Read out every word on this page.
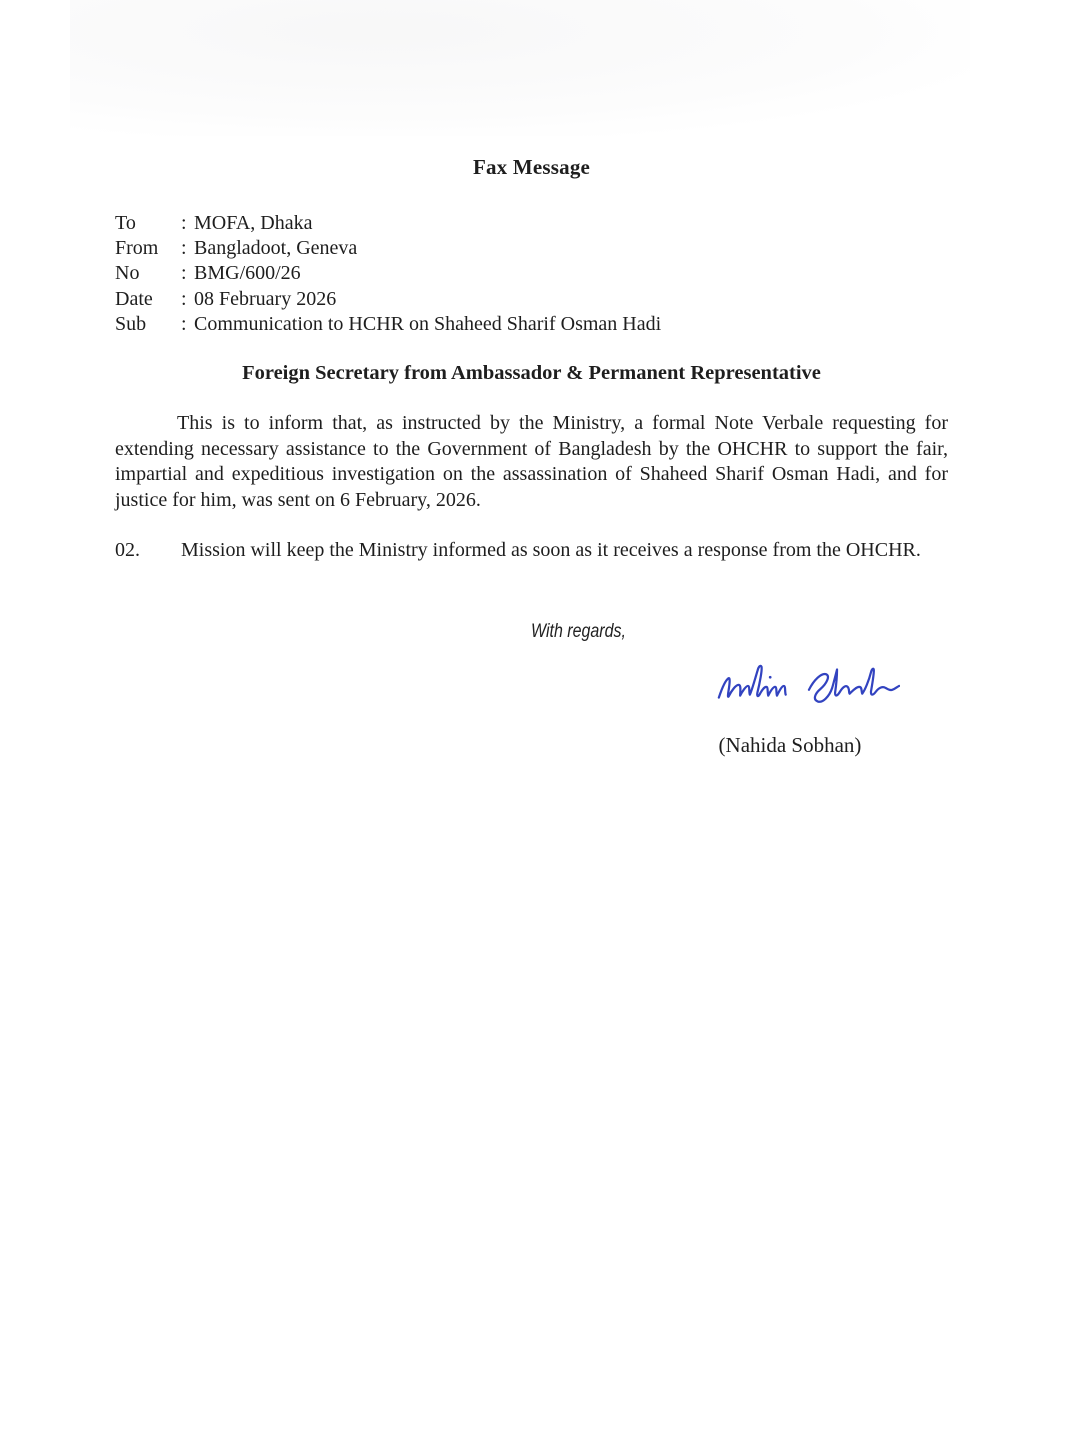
Fax Message
To	: MOFA, Dhaka
From	: Bangladoot, Geneva
No	: BMG/600/26
Date	: 08 February 2026
Sub	: Communication to HCHR on Shaheed Sharif Osman Hadi
Foreign Secretary from Ambassador & Permanent Representative

This is to inform that, as instructed by the Ministry, a formal Note Verbale requesting for extending necessary assistance to the Government of Bangladesh by the OHCHR to support the fair, impartial and expeditious investigation on the assassination of Shaheed Sharif Osman Hadi, and for justice for him, was sent on 6 February, 2026.

02. Mission will keep the Ministry informed as soon as it receives a response from the OHCHR.

With regards,
(Nahida Sobhan)
